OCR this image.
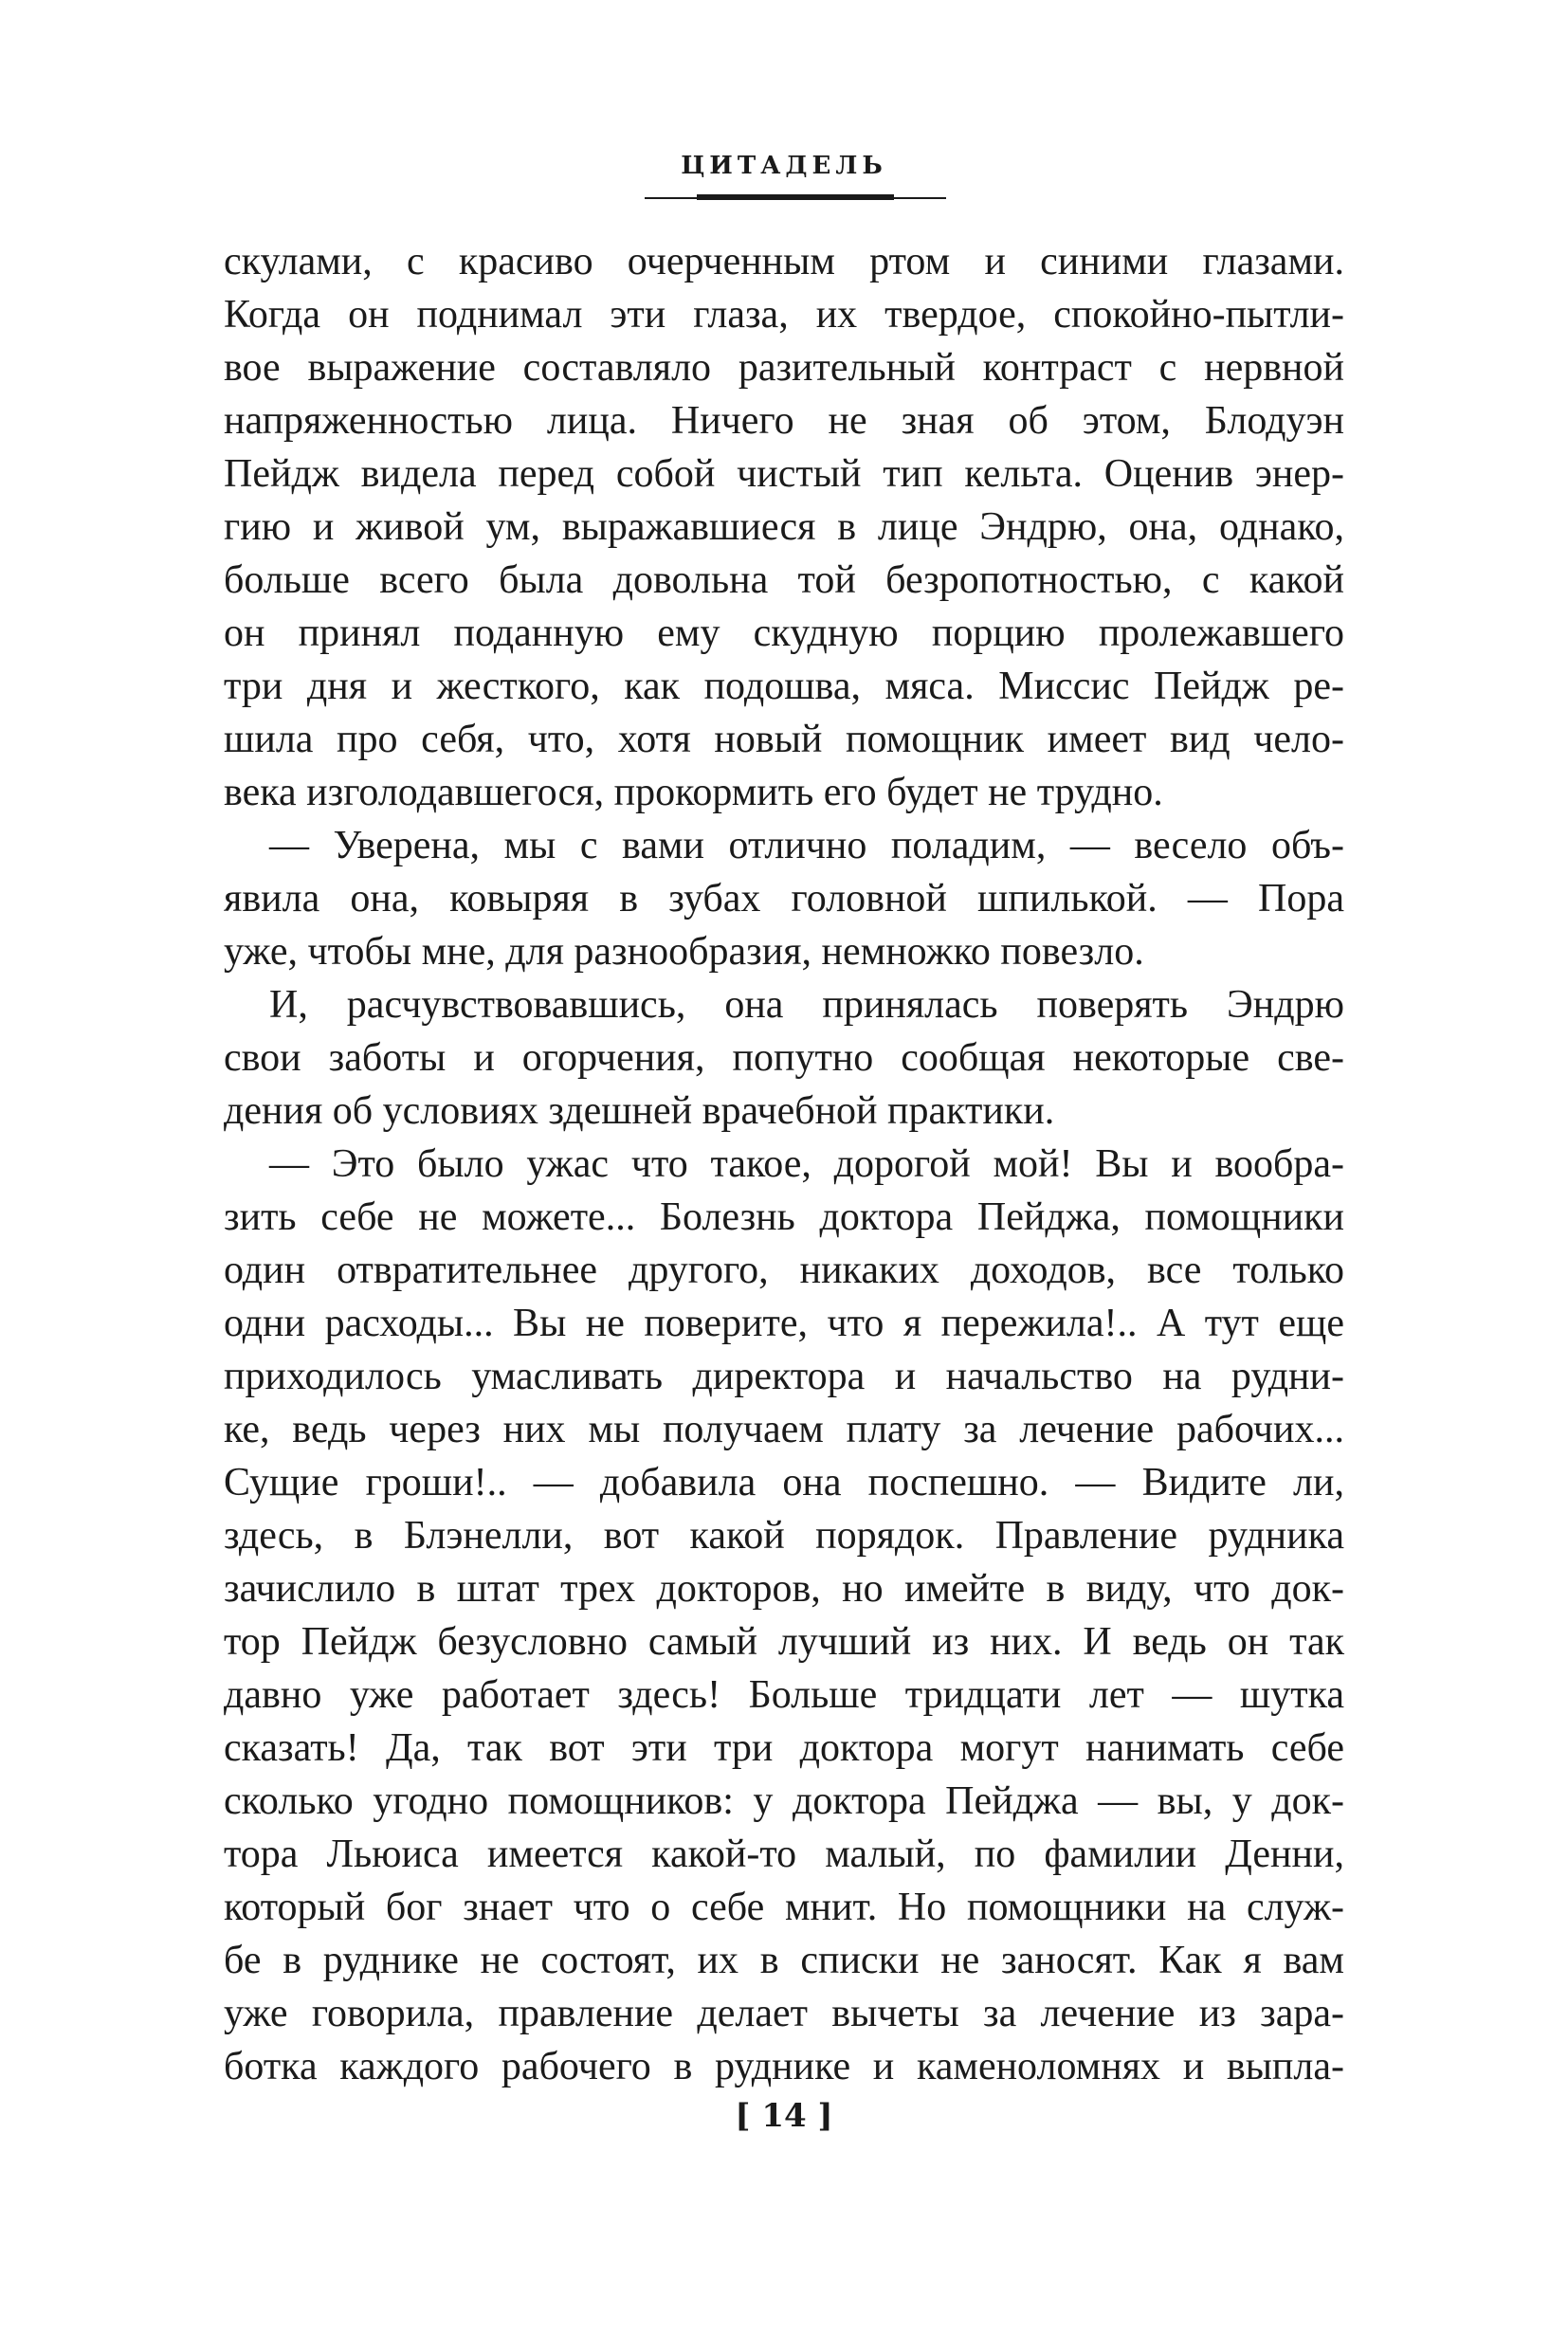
ЦИТАДЕЛЬ
скулами, с красиво очерченным ртом и синими глазами.
Когда он поднимал эти глаза, их твердое, спокойно-пытли-
вое выражение составляло разительный контраст с нервной
напряженностью лица. Ничего не зная об этом, Блодуэн
Пейдж видела перед собой чистый тип кельта. Оценив энер-
гию и живой ум, выражавшиеся в лице Эндрю, она, однако,
больше всего была довольна той безропотностью, с какой
он принял поданную ему скудную порцию пролежавшего
три дня и жесткого, как подошва, мяса. Миссис Пейдж ре-
шила про себя, что, хотя новый помощник имеет вид чело-
века изголодавшегося, прокормить его будет не трудно.
— Уверена, мы с вами отлично поладим, — весело объ-
явила она, ковыряя в зубах головной шпилькой. — Пора
уже, чтобы мне, для разнообразия, немножко повезло.
И, расчувствовавшись, она принялась поверять Эндрю
свои заботы и огорчения, попутно сообщая некоторые све-
дения об условиях здешней врачебной практики.
— Это было ужас что такое, дорогой мой! Вы и вообра-
зить себе не можете... Болезнь доктора Пейджа, помощники
один отвратительнее другого, никаких доходов, все только
одни расходы... Вы не поверите, что я пережила!.. А тут еще
приходилось умасливать директора и начальство на рудни-
ке, ведь через них мы получаем плату за лечение рабочих...
Сущие гроши!.. — добавила она поспешно. — Видите ли,
здесь, в Блэнелли, вот какой порядок. Правление рудника
зачислило в штат трех докторов, но имейте в виду, что док-
тор Пейдж безусловно самый лучший из них. И ведь он так
давно уже работает здесь! Больше тридцати лет — шутка
сказать! Да, так вот эти три доктора могут нанимать себе
сколько угодно помощников: у доктора Пейджа — вы, у док-
тора Льюиса имеется какой-то малый, по фамилии Денни,
который бог знает что о себе мнит. Но помощники на служ-
бе в руднике не состоят, их в списки не заносят. Как я вам
уже говорила, правление делает вычеты за лечение из зара-
ботка каждого рабочего в руднике и каменоломнях и выпла-
[ 14 ]
